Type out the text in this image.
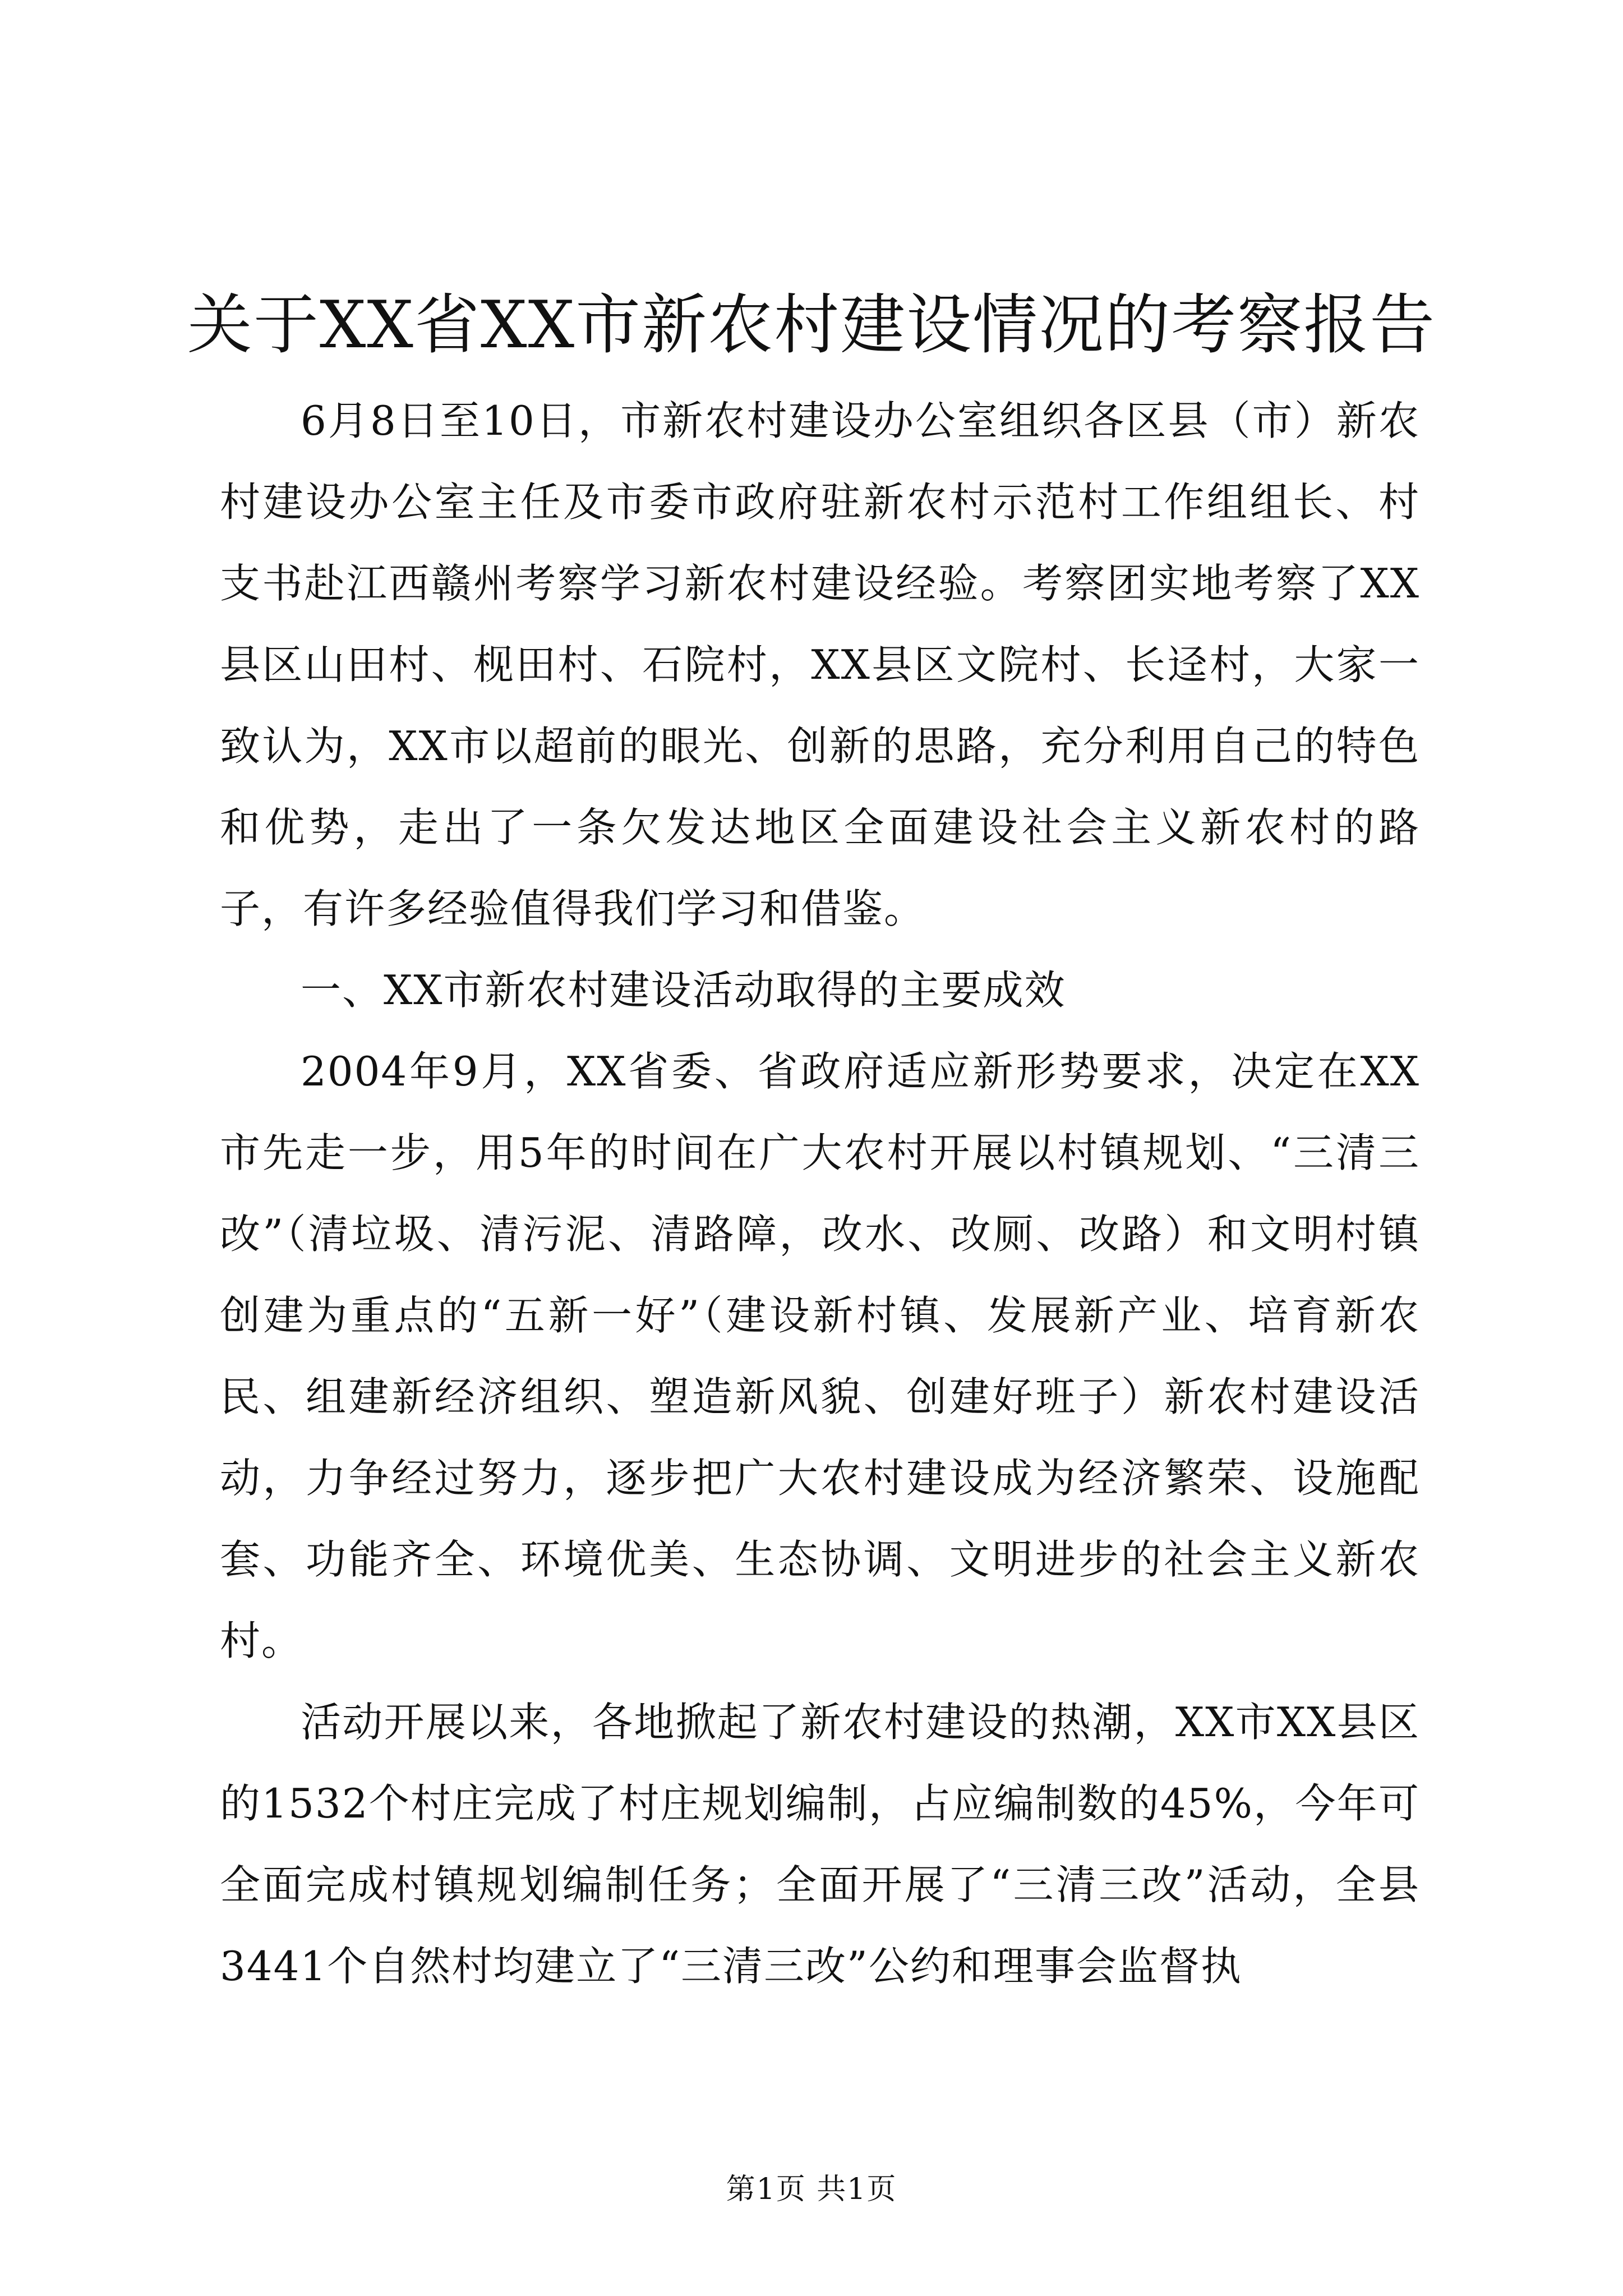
关于XX省XX市新农村建设情况的考察报告

6月8日至10日，市新农村建设办公室组织各区县（市）新农村建设办公室主任及市委市政府驻新农村示范村工作组组长、村支书赴江西赣州考察学习新农村建设经验。考察团实地考察了XX县区山田村、枧田村、石院村，XX县区文院村、长迳村，大家一致认为，XX市以超前的眼光、创新的思路，充分利用自己的特色和优势，走出了一条欠发达地区全面建设社会主义新农村的路子，有许多经验值得我们学习和借鉴。

一、XX市新农村建设活动取得的主要成效

2004年9月，XX省委、省政府适应新形势要求，决定在XX市先走一步，用5年的时间在广大农村开展以村镇规划、“三清三改”（清垃圾、清污泥、清路障，改水、改厕、改路）和文明村镇创建为重点的“五新一好”（建设新村镇、发展新产业、培育新农民、组建新经济组织、塑造新风貌、创建好班子）新农村建设活动，力争经过努力，逐步把广大农村建设成为经济繁荣、设施配套、功能齐全、环境优美、生态协调、文明进步的社会主义新农村。

活动开展以来，各地掀起了新农村建设的热潮，XX市XX县区的1532个村庄完成了村庄规划编制，占应编制数的45%，今年可全面完成村镇规划编制任务；全面开展了“三清三改”活动，全县3441个自然村均建立了“三清三改”公约和理事会监督执

第1页 共1页
